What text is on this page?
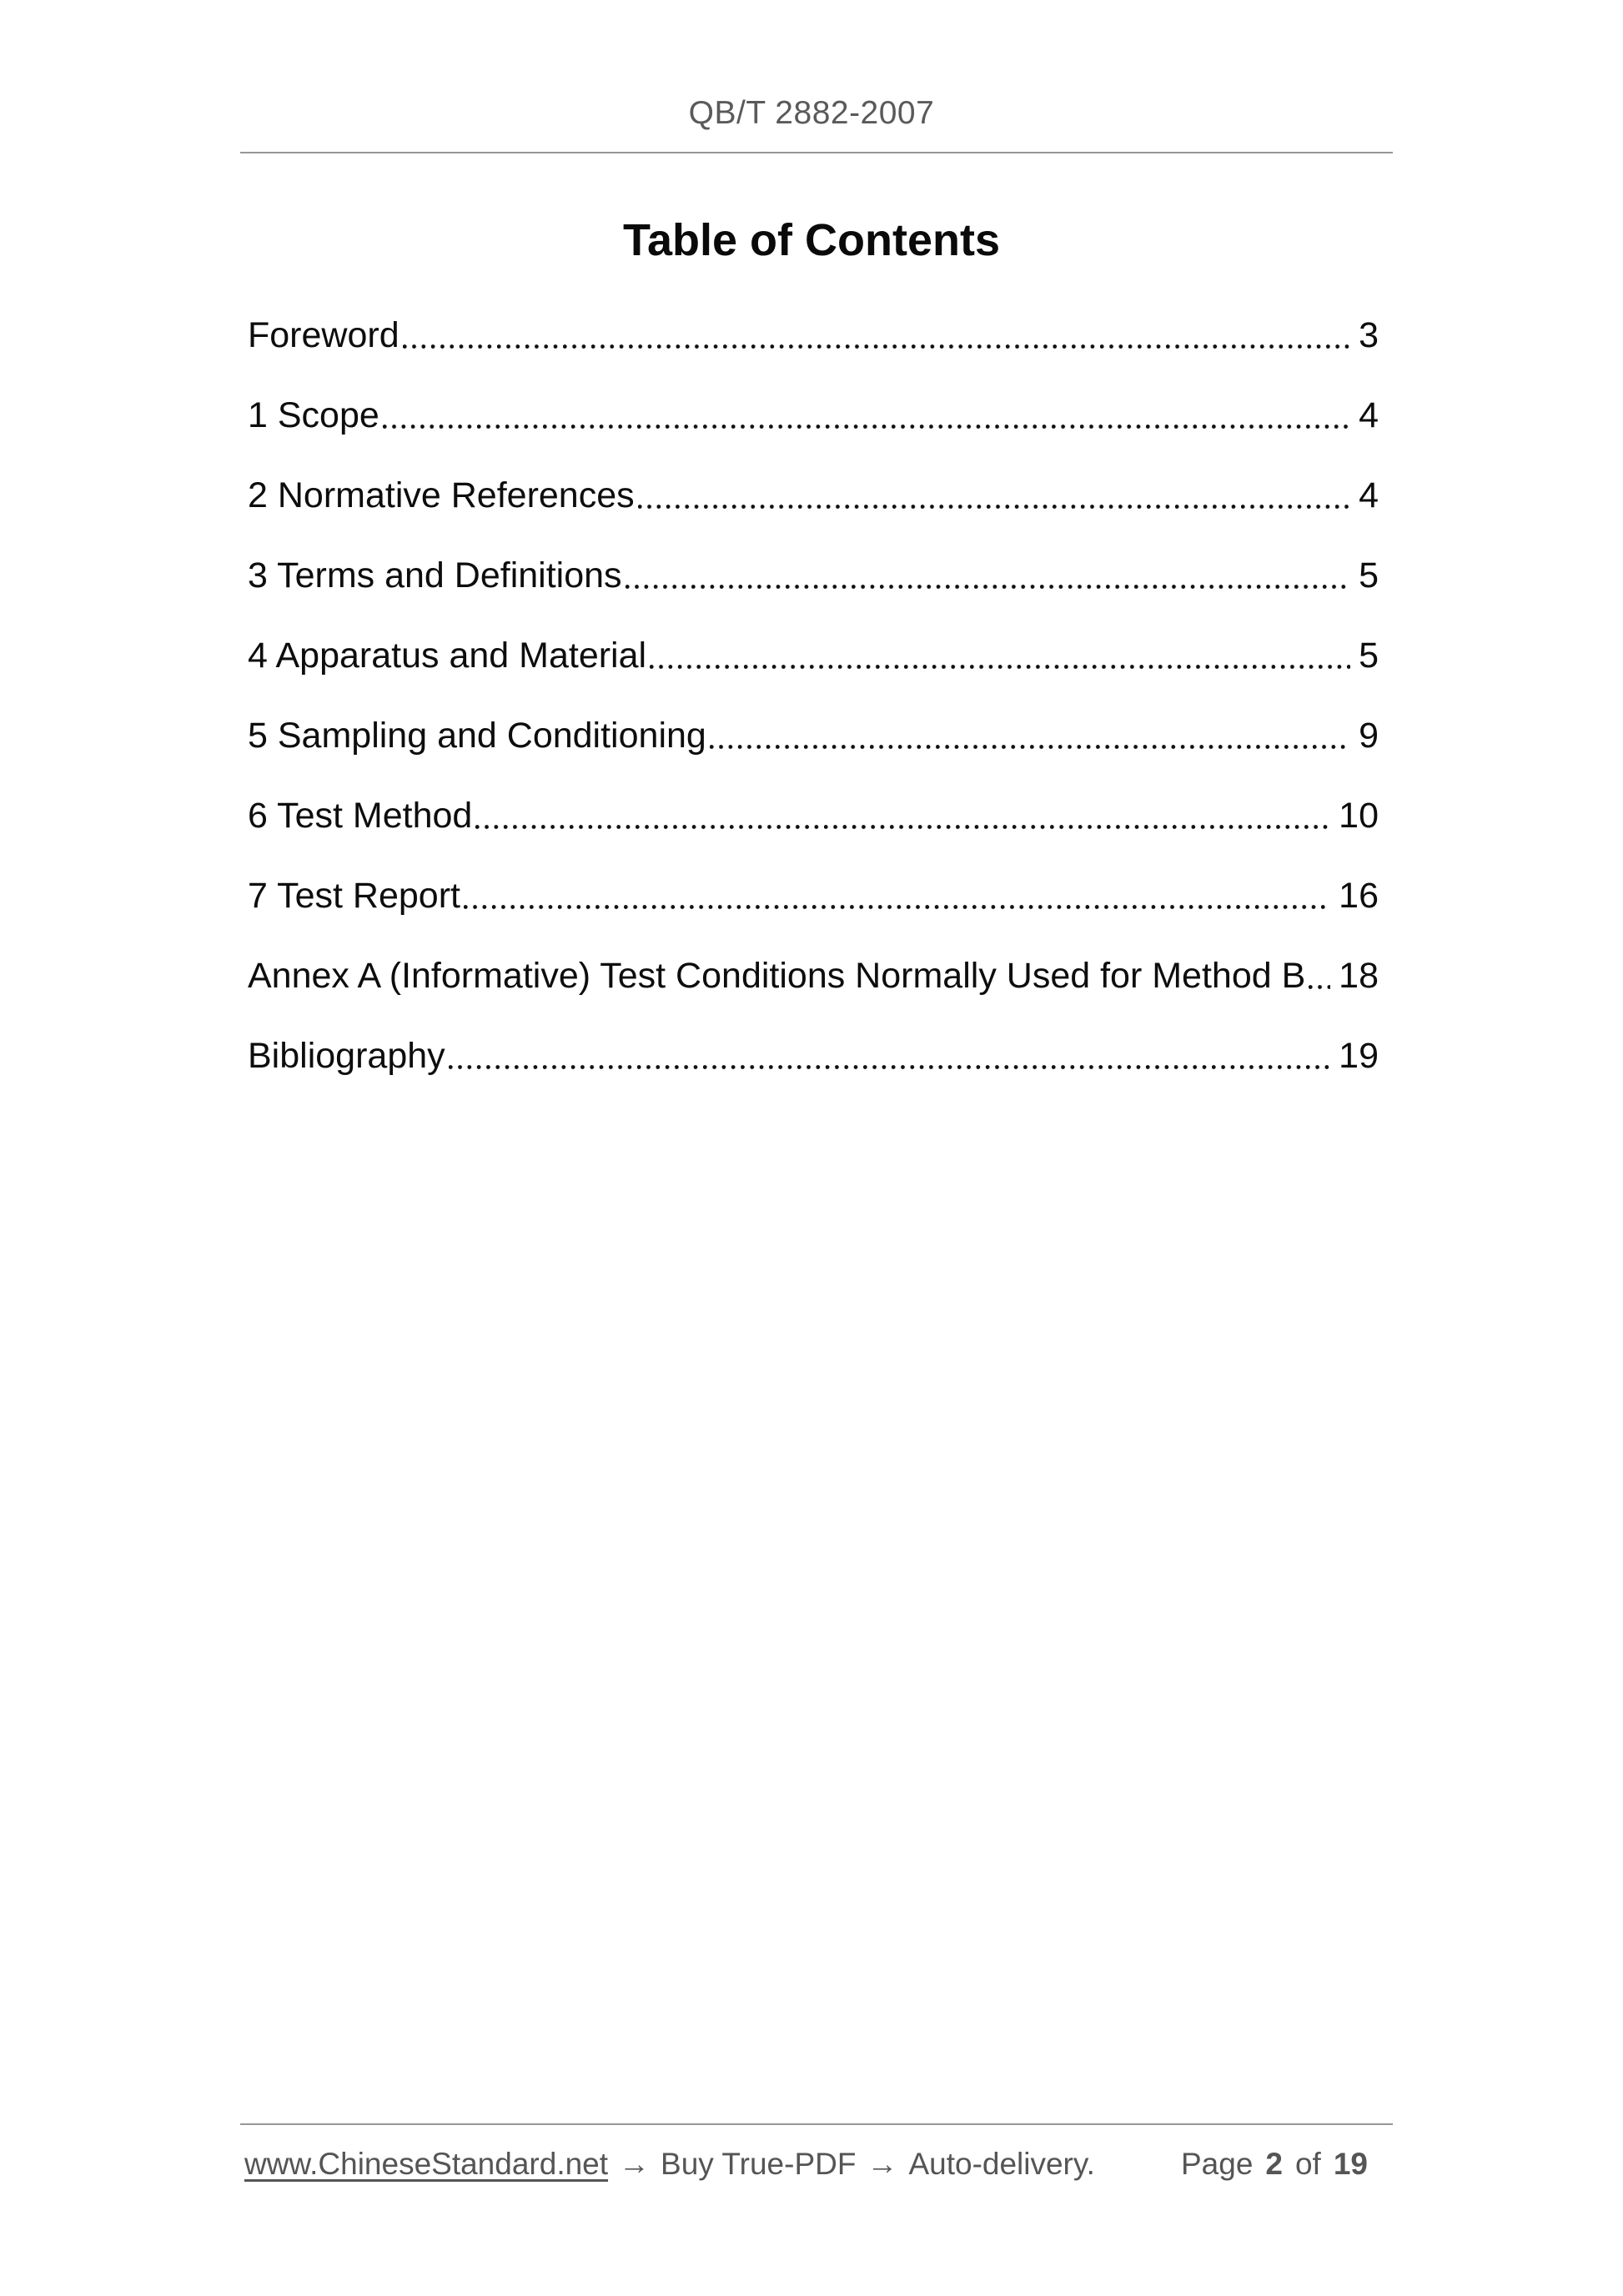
QB/T 2882-2007
Table of Contents
Foreword	3
1 Scope	4
2 Normative References	4
3 Terms and Definitions	5
4 Apparatus and Material	5
5 Sampling and Conditioning	9
6 Test Method	10
7 Test Report	16
Annex A (Informative) Test Conditions Normally Used for Method B 18
Bibliography	19
www.ChineseStandard.net → Buy True-PDF → Auto-delivery.	Page 2 of 19
